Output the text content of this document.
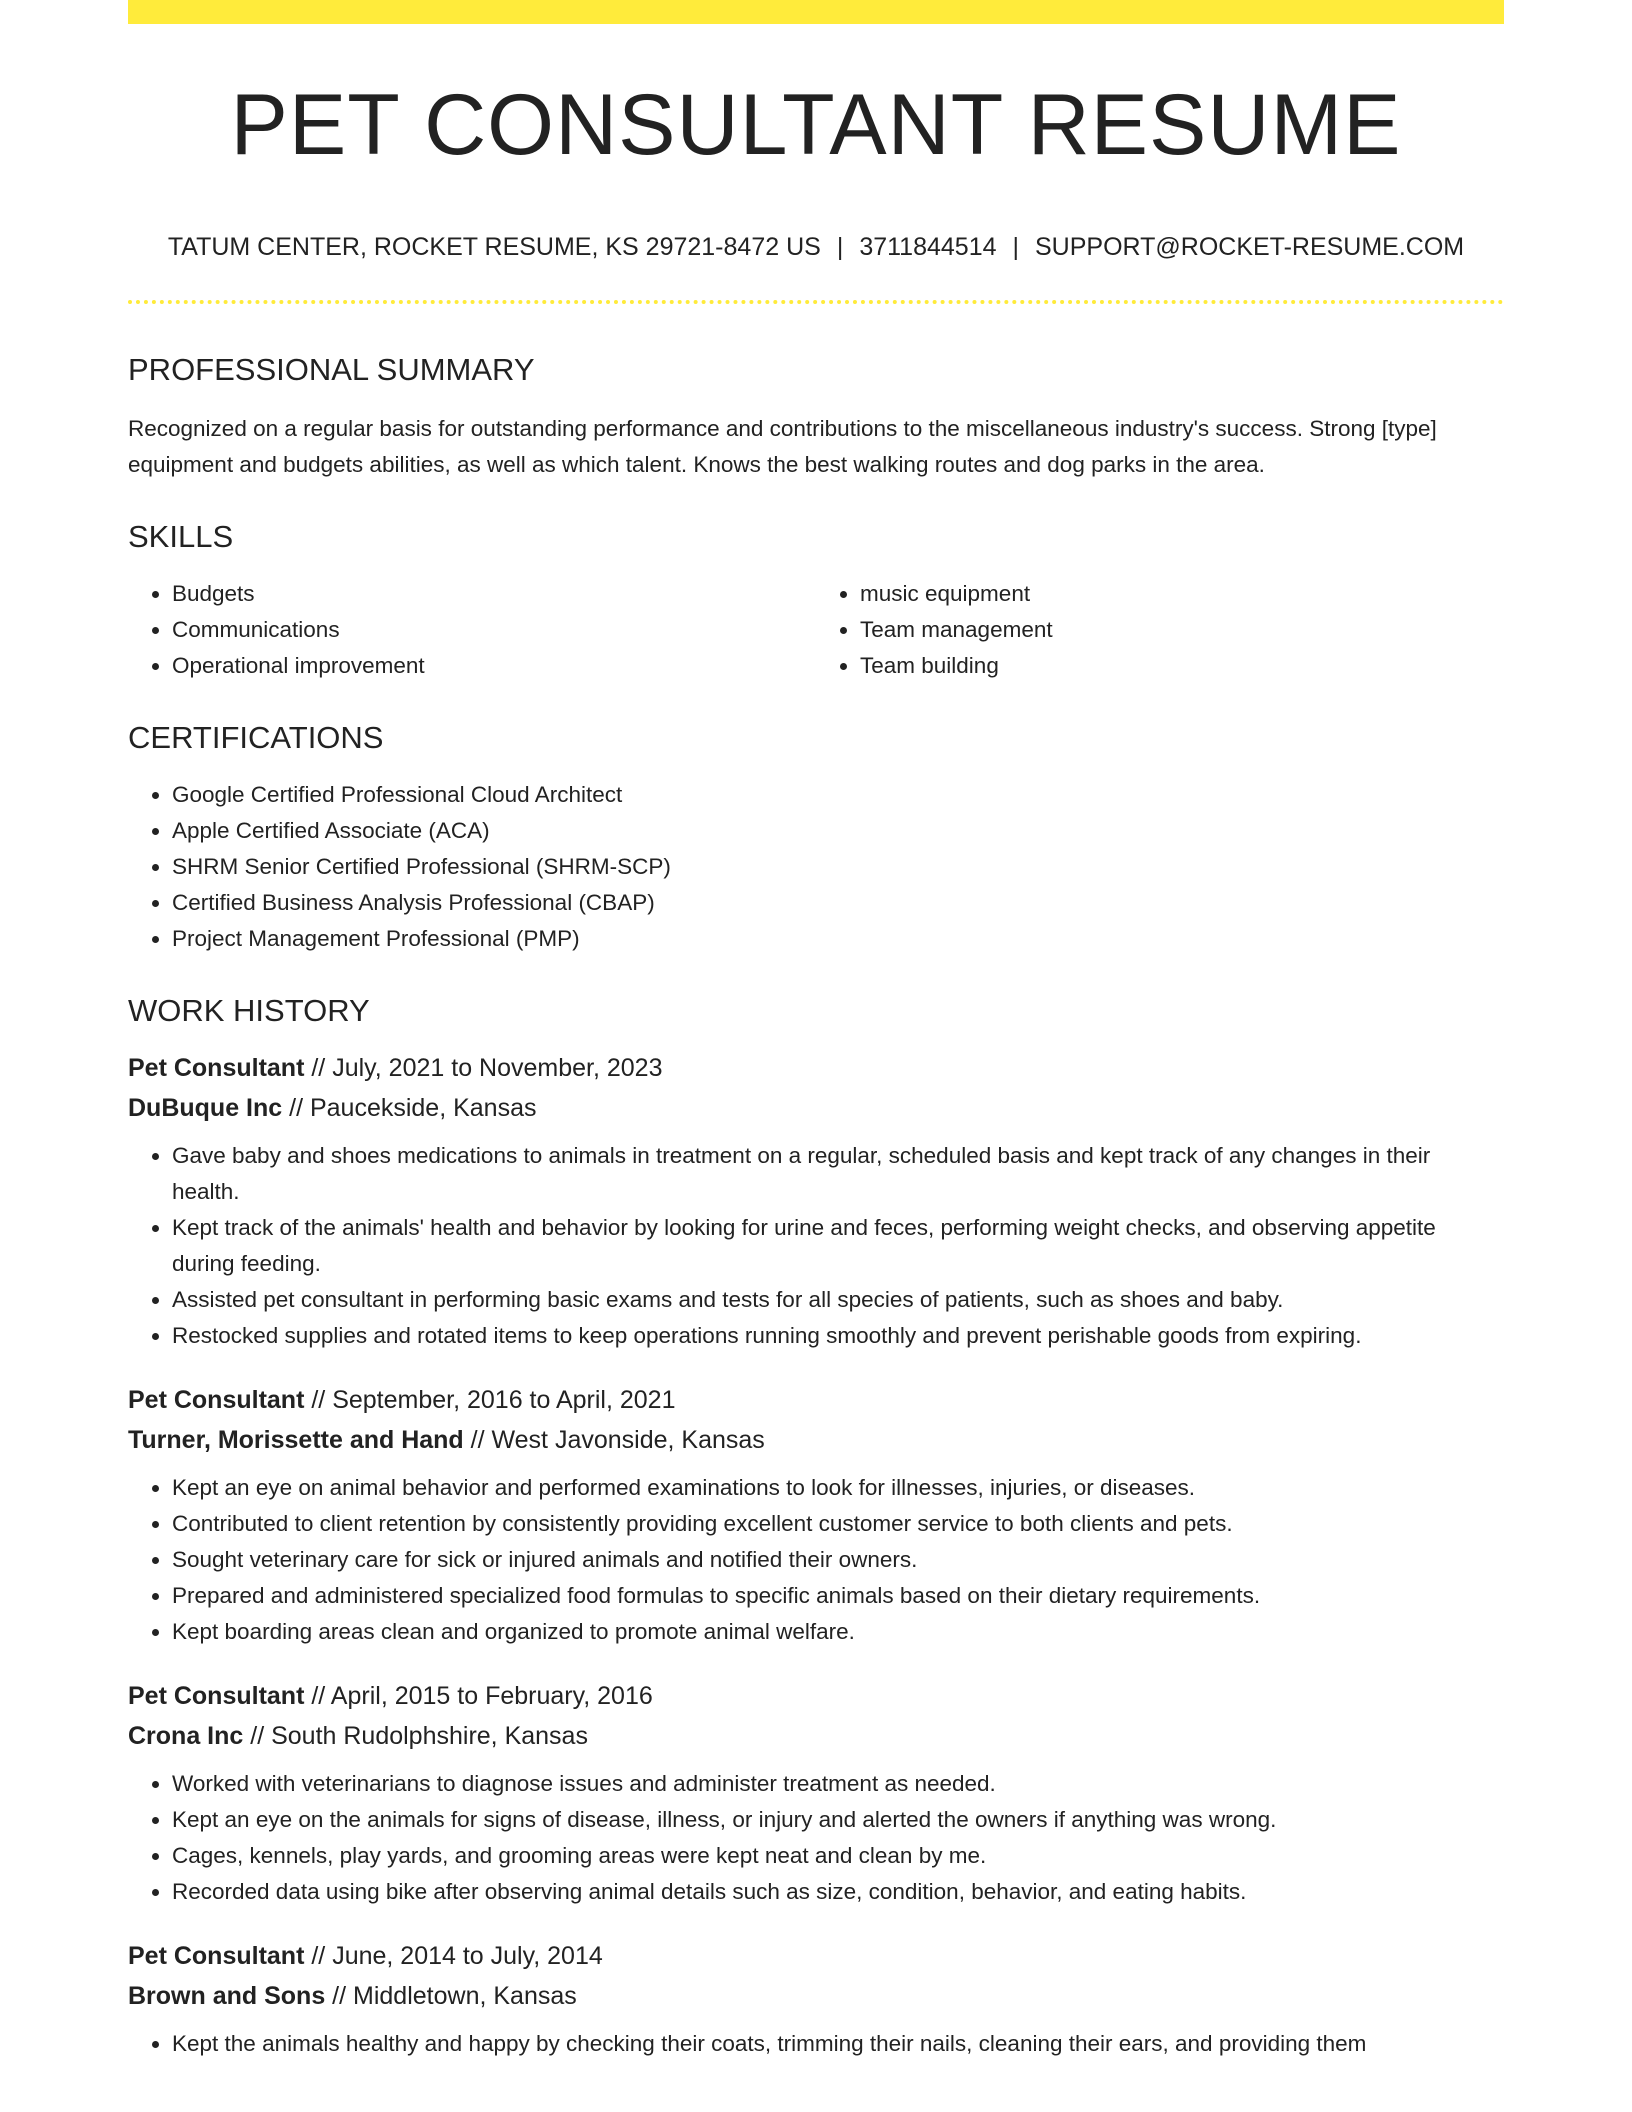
PET CONSULTANT RESUME
TATUM CENTER, ROCKET RESUME, KS 29721-8472 US | 3711844514 | SUPPORT@ROCKET-RESUME.COM
PROFESSIONAL SUMMARY

Recognized on a regular basis for outstanding performance and contributions to the miscellaneous industry's success. Strong [type] equipment and budgets abilities, as well as which talent. Knows the best walking routes and dog parks in the area.

SKILLS
• Budgets
• Communications
• Operational improvement
• music equipment
• Team management
• Team building
CERTIFICATIONS
• Google Certified Professional Cloud Architect
• Apple Certified Associate (ACA)
• SHRM Senior Certified Professional (SHRM-SCP)
• Certified Business Analysis Professional (CBAP)
• Project Management Professional (PMP)
WORK HISTORY

Pet Consultant // July, 2021 to November, 2023

DuBuque Inc // Paucekside, Kansas

• Gave baby and shoes medications to animals in treatment on a regular, scheduled basis and kept track of any changes in their health.
• Kept track of the animals' health and behavior by looking for urine and feces, performing weight checks, and observing appetite during feeding.
• Assisted pet consultant in performing basic exams and tests for all species of patients, such as shoes and baby.
• Restocked supplies and rotated items to keep operations running smoothly and prevent perishable goods from expiring.

Pet Consultant // September, 2016 to April, 2021

Turner, Morissette and Hand // West Javonside, Kansas

• Kept an eye on animal behavior and performed examinations to look for illnesses, injuries, or diseases.
• Contributed to client retention by consistently providing excellent customer service to both clients and pets.
• Sought veterinary care for sick or injured animals and notified their owners.
• Prepared and administered specialized food formulas to specific animals based on their dietary requirements.
• Kept boarding areas clean and organized to promote animal welfare.

Pet Consultant // April, 2015 to February, 2016

Crona Inc // South Rudolphshire, Kansas

• Worked with veterinarians to diagnose issues and administer treatment as needed.
• Kept an eye on the animals for signs of disease, illness, or injury and alerted the owners if anything was wrong.
• Cages, kennels, play yards, and grooming areas were kept neat and clean by me.
• Recorded data using bike after observing animal details such as size, condition, behavior, and eating habits.

Pet Consultant // June, 2014 to July, 2014

Brown and Sons // Middletown, Kansas

• Kept the animals healthy and happy by checking their coats, trimming their nails, cleaning their ears, and providing them
